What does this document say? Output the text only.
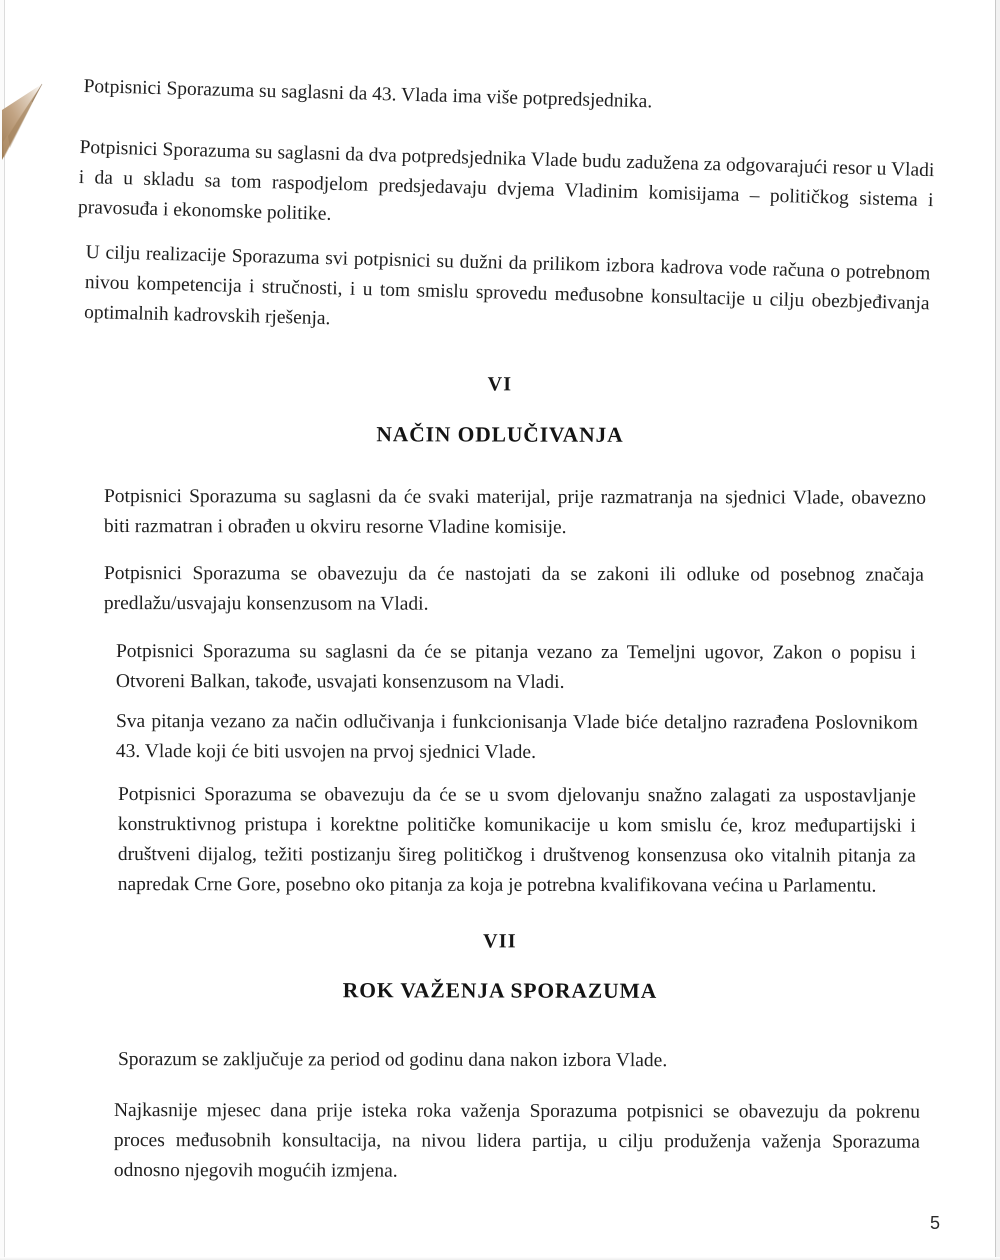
Potpisnici Sporazuma su saglasni da 43. Vlada ima više potpredsjednika.
Potpisnici Sporazuma su saglasni da dva potpredsjednika Vlade budu zadužena za odgovarajući resor u Vladi i da u skladu sa tom raspodjelom predsjedavaju dvjema Vladinim komisijama – političkog sistema i pravosuđa i ekonomske politike.
U cilju realizacije Sporazuma svi potpisnici su dužni da prilikom izbora kadrova vode računa o potrebnom nivou kompetencija i stručnosti, i u tom smislu sprovedu međusobne konsultacije u cilju obezbjeđivanja optimalnih kadrovskih rješenja.
VI
NAČIN ODLUČIVANJA
Potpisnici Sporazuma su saglasni da će svaki materijal, prije razmatranja na sjednici Vlade, obavezno biti razmatran i obrađen u okviru resorne Vladine komisije.
Potpisnici Sporazuma se obavezuju da će nastojati da se zakoni ili odluke od posebnog značaja predlažu/usvajaju konsenzusom na Vladi.
Potpisnici Sporazuma su saglasni da će se pitanja vezano za Temeljni ugovor, Zakon o popisu i Otvoreni Balkan, takođe, usvajati konsenzusom na Vladi.
Sva pitanja vezano za način odlučivanja i funkcionisanja Vlade biće detaljno razrađena Poslovnikom 43. Vlade koji će biti usvojen na prvoj sjednici Vlade.
Potpisnici Sporazuma se obavezuju da će se u svom djelovanju snažno zalagati za uspostavljanje konstruktivnog pristupa i korektne političke komunikacije u kom smislu će, kroz međupartijski i društveni dijalog, težiti postizanju šireg političkog i društvenog konsenzusa oko vitalnih pitanja za napredak Crne Gore, posebno oko pitanja za koja je potrebna kvalifikovana većina u Parlamentu.
VII
ROK VAŽENJA SPORAZUMA
Sporazum se zaključuje za period od godinu dana nakon izbora Vlade.
Najkasnije mjesec dana prije isteka roka važenja Sporazuma potpisnici se obavezuju da pokrenu proces međusobnih konsultacija, na nivou lidera partija, u cilju produženja važenja Sporazuma odnosno njegovih mogućih izmjena.
5
